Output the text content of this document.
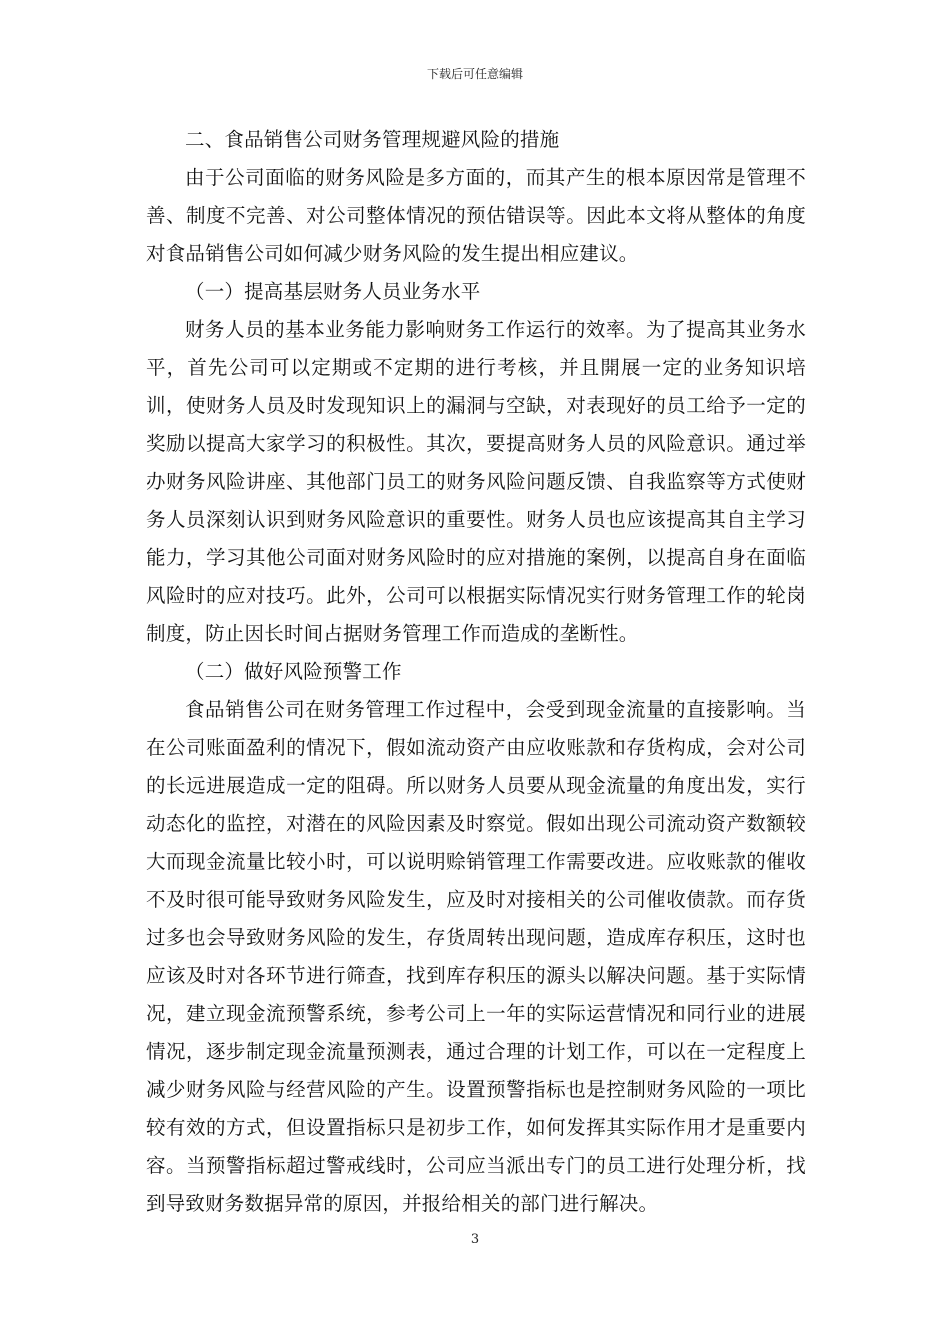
下载后可任意编辑

二、食品销售公司财务管理规避风险的措施

由于公司面临的财务风险是多方面的，而其产生的根本原因常是管理不善、制度不完善、对公司整体情况的预估错误等。因此本文将从整体的角度对食品销售公司如何减少财务风险的发生提出相应建议。

（一）提高基层财务人员业务水平

财务人员的基本业务能力影响财务工作运行的效率。为了提高其业务水平，首先公司可以定期或不定期的进行考核，并且開展一定的业务知识培训，使财务人员及时发现知识上的漏洞与空缺，对表现好的员工给予一定的奖励以提高大家学习的积极性。其次，要提高财务人员的风险意识。通过举办财务风险讲座、其他部门员工的财务风险问题反馈、自我监察等方式使财务人员深刻认识到财务风险意识的重要性。财务人员也应该提高其自主学习能力，学习其他公司面对财务风险时的应对措施的案例，以提高自身在面临风险时的应对技巧。此外，公司可以根据实际情况实行财务管理工作的轮岗制度，防止因长时间占据财务管理工作而造成的垄断性。

（二）做好风险预警工作

食品销售公司在财务管理工作过程中，会受到现金流量的直接影响。当在公司账面盈利的情况下，假如流动资产由应收账款和存货构成，会对公司的长远进展造成一定的阻碍。所以财务人员要从现金流量的角度出发，实行动态化的监控，对潜在的风险因素及时察觉。假如出现公司流动资产数额较大而现金流量比较小时，可以说明赊销管理工作需要改进。应收账款的催收不及时很可能导致财务风险发生，应及时对接相关的公司催收债款。而存货过多也会导致财务风险的发生，存货周转出现问题，造成库存积压，这时也应该及时对各环节进行筛查，找到库存积压的源头以解决问题。基于实际情况，建立现金流预警系统，参考公司上一年的实际运营情况和同行业的进展情况，逐步制定现金流量预测表，通过合理的计划工作，可以在一定程度上减少财务风险与经营风险的产生。设置预警指标也是控制财务风险的一项比较有效的方式，但设置指标只是初步工作，如何发挥其实际作用才是重要内容。当预警指标超过警戒线时，公司应当派出专门的员工进行处理分析，找到导致财务数据异常的原因，并报给相关的部门进行解决。

3
